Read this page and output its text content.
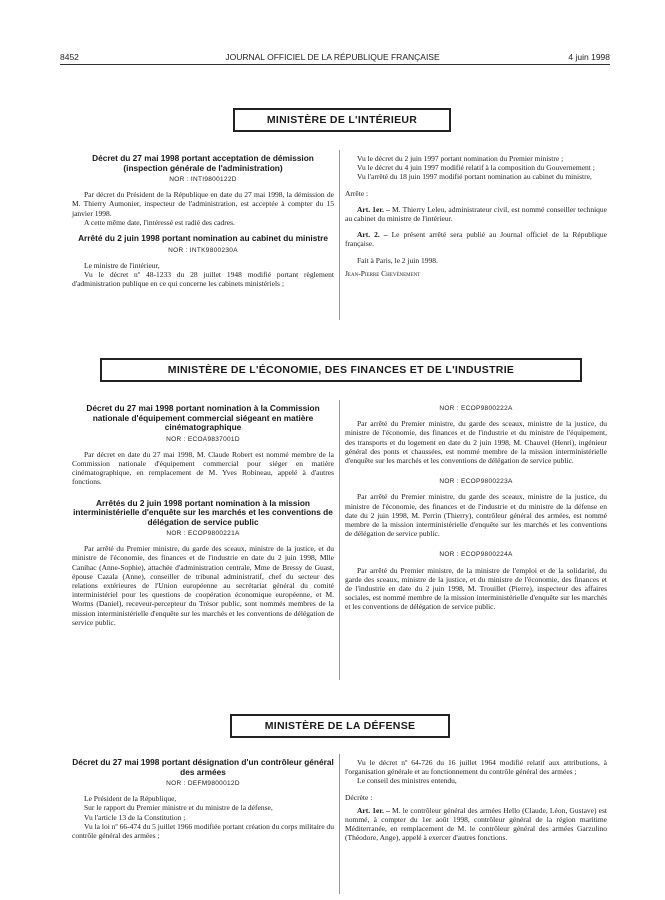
8452	JOURNAL OFFICIEL DE LA RÉPUBLIQUE FRANÇAISE	4 juin 1998
MINISTÈRE DE L'INTÉRIEUR
Décret du 27 mai 1998 portant acceptation de démission (inspection générale de l'administration)
NOR : INTI9800122D

Par décret du Président de la République en date du 27 mai 1998, la démission de M. Thierry Aumonier, inspecteur de l'administration, est acceptée à compter du 15 janvier 1998.

A cette même date, l'intéressé est radié des cadres.

Arrêté du 2 juin 1998 portant nomination au cabinet du ministre
NOR : INTK9800230A

Le ministre de l'intérieur,

Vu le décret nº 48-1233 du 28 juillet 1948 modifié portant règlement d'administration publique en ce qui concerne les cabinets ministériels ;

Vu le décret du 2 juin 1997 portant nomination du Premier ministre ;

Vu le décret du 4 juin 1997 modifié relatif à la composition du Gouvernement ;

Vu l'arrêté du 18 juin 1997 modifié portant nomination au cabinet du ministre,

Arrête :

Art. 1er. – M. Thierry Leleu, administrateur civil, est nommé conseiller technique au cabinet du ministre de l'intérieur.

Art. 2. – Le présent arrêté sera publié au Journal officiel de la République française.

Fait à Paris, le 2 juin 1998.

Jean-Pierre Chevènement

MINISTÈRE DE L'ÉCONOMIE, DES FINANCES ET DE L'INDUSTRIE
Décret du 27 mai 1998 portant nomination à la Commission nationale d'équipement commercial siégeant en matière cinématographique
NOR : ECOA9837001D

Par décret en date du 27 mai 1998, M. Claude Robert est nommé membre de la Commission nationale d'équipement commercial pour siéger en matière cinématographique, en remplacement de M. Yves Robineau, appelé à d'autres fonctions.

Arrêtés du 2 juin 1998 portant nomination à la mission interministérielle d'enquête sur les marchés et les conventions de délégation de service public
NOR : ECOP9800221A

Par arrêté du Premier ministre, du garde des sceaux, ministre de la justice, et du ministre de l'économie, des finances et de l'industrie en date du 2 juin 1998, Mlle Canihac (Anne-Sophie), attachée d'administration centrale, Mme de Bressy de Guast, épouse Cazala (Anne), conseiller de tribunal administratif, chef du secteur des relations extérieures de l'Union européenne au secrétariat général du comité interministériel pour les questions de coopération économique européenne, et M. Worms (Daniel), receveur-percepteur du Trésor public, sont nommés membres de la mission interministérielle d'enquête sur les marchés et les conventions de délégation de service public.

NOR : ECOP9800222A

Par arrêté du Premier ministre, du garde des sceaux, ministre de la justice, du ministre de l'économie, des finances et de l'industrie et du ministre de l'équipement, des transports et du logement en date du 2 juin 1998, M. Chauvel (Henri), ingénieur général des ponts et chaussées, est nommé membre de la mission interministérielle d'enquête sur les marchés et les conventions de délégation de service public.

NOR : ECOP9800223A

Par arrêté du Premier ministre, du garde des sceaux, ministre de la justice, du ministre de l'économie, des finances et de l'industrie et du ministre de la défense en date du 2 juin 1998, M. Perrin (Thierry), contrôleur général des armées, est nommé membre de la mission interministérielle d'enquête sur les marchés et les conventions de délégation de service public.

NOR : ECOP9800224A

Par arrêté du Premier ministre, de la ministre de l'emploi et de la solidarité, du garde des sceaux, ministre de la justice, et du ministre de l'économie, des finances et de l'industrie en date du 2 juin 1998, M. Trouillet (Pierre), inspecteur des affaires sociales, est nommé membre de la mission interministérielle d'enquête sur les marchés et les conventions de délégation de service public.

MINISTÈRE DE LA DÉFENSE
Décret du 27 mai 1998 portant désignation d'un contrôleur général des armées
NOR : DEFM9800012D

Le Président de la République,

Sur le rapport du Premier ministre et du ministre de la défense,

Vu l'article 13 de la Constitution ;

Vu la loi nº 66-474 du 5 juillet 1966 modifiée portant création du corps militaire du contrôle général des armées ;

Vu le décret nº 64-726 du 16 juillet 1964 modifié relatif aux attributions, à l'organisation générale et au fonctionnement du contrôle général des armées ;

Le conseil des ministres entendu,

Décrète :

Art. 1er. – M. le contrôleur général des armées Hello (Claude, Léon, Gustave) est nommé, à compter du 1er août 1998, contrôleur général de la région maritime Méditerranée, en remplacement de M. le contrôleur général des armées Garzulino (Théodore, Ange), appelé à exercer d'autres fonctions.
